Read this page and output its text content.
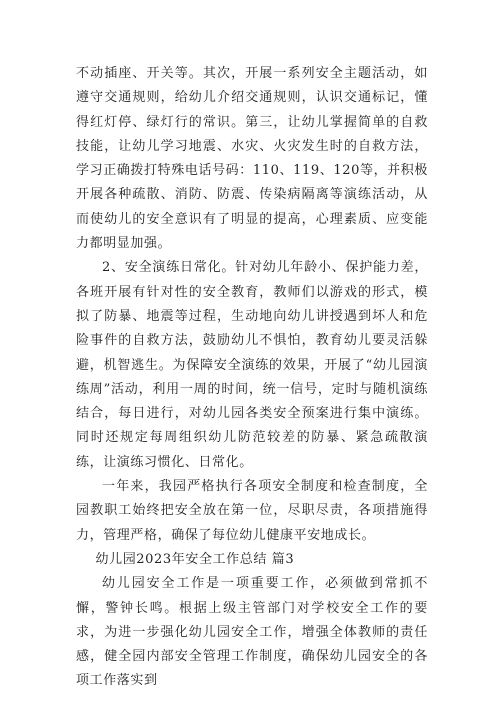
不动插座、开关等。其次，开展一系列安全主题活动，如遵守交通规则，给幼儿介绍交通规则，认识交通标记，懂得红灯停、绿灯行的常识。第三，让幼儿掌握简单的自救技能，让幼儿学习地震、水灾、火灾发生时的自救方法，学习正确拨打特殊电话号码：110、119、120等，并积极开展各种疏散、消防、防震、传染病隔离等演练活动，从而使幼儿的安全意识有了明显的提高，心理素质、应变能力都明显加强。

2、安全演练日常化。针对幼儿年龄小、保护能力差，各班开展有针对性的安全教育，教师们以游戏的形式，模拟了防暴、地震等过程，生动地向幼儿讲授遇到坏人和危险事件的自救方法，鼓励幼儿不惧怕，教育幼儿要灵活躲避，机智逃生。为保障安全演练的效果，开展了“幼儿园演练周”活动，利用一周的时间，统一信号，定时与随机演练结合，每日进行，对幼儿园各类安全预案进行集中演练。同时还规定每周组织幼儿防范较差的防暴、紧急疏散演练，让演练习惯化、日常化。

一年来，我园严格执行各项安全制度和检查制度，全园教职工始终把安全放在第一位，尽职尽责，各项措施得力，管理严格，确保了每位幼儿健康平安地成长。

幼儿园2023年安全工作总结 篇3

幼儿园安全工作是一项重要工作，必须做到常抓不懈，警钟长鸣。根据上级主管部门对学校安全工作的要求，为进一步强化幼儿园安全工作，增强全体教师的责任感，健全园内部安全管理工作制度，确保幼儿园安全的各项工作落实到
